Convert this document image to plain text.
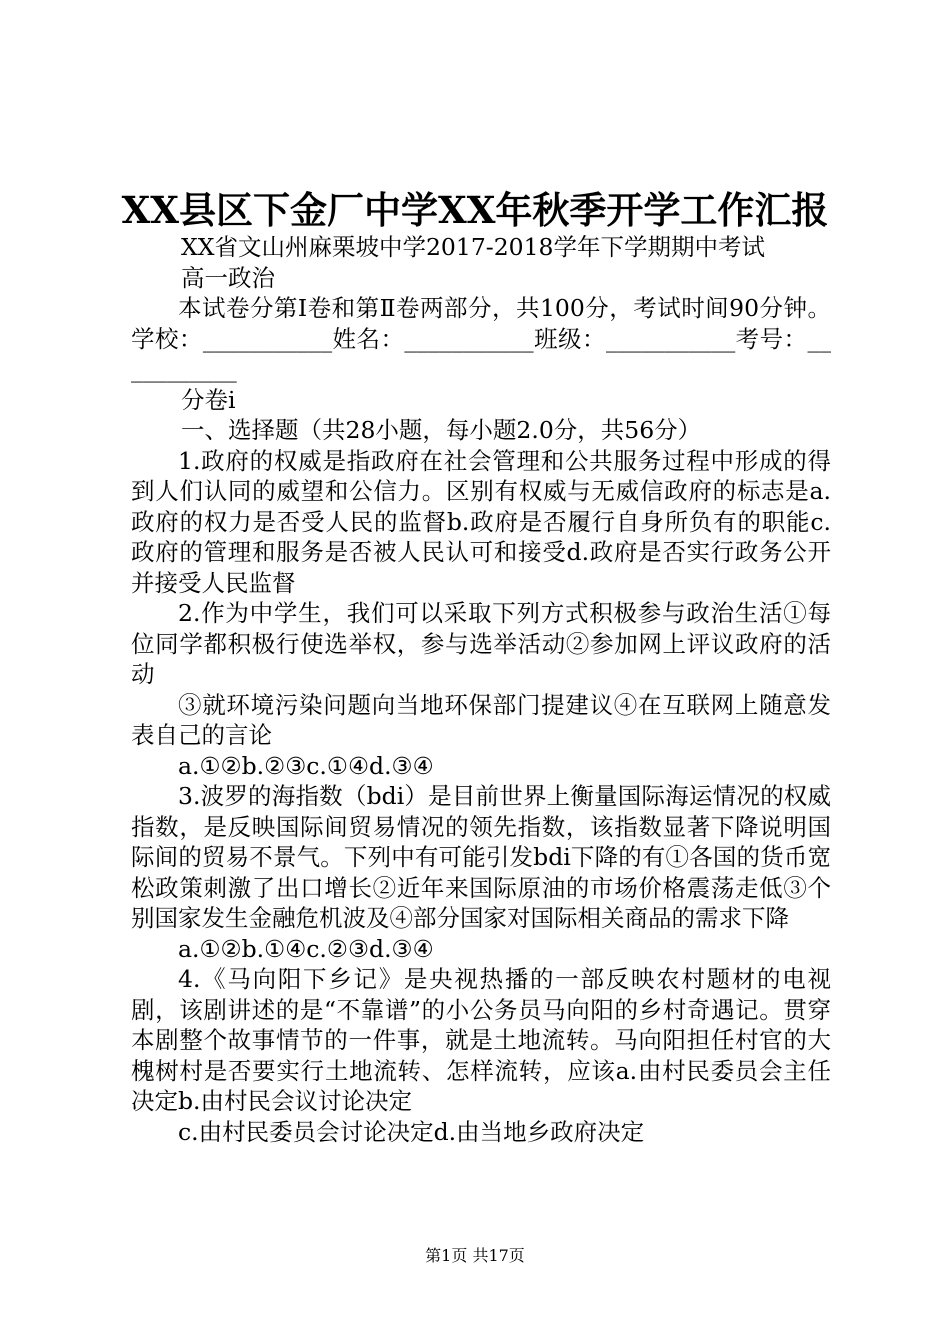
XX县区下金厂中学XX年秋季开学工作汇报

XX省文山州麻栗坡中学2017-2018学年下学期期中考试

高一政治

本试卷分第Ⅰ卷和第Ⅱ卷两部分，共100分，考试时间90分钟。学校：___________姓名：___________班级：___________考号：___________

分卷i

一、选择题（共28小题，每小题2.0分，共56分）

1.政府的权威是指政府在社会管理和公共服务过程中形成的得到人们认同的威望和公信力。区别有权威与无威信政府的标志是a.政府的权力是否受人民的监督b.政府是否履行自身所负有的职能c.政府的管理和服务是否被人民认可和接受d.政府是否实行政务公开并接受人民监督

2.作为中学生，我们可以采取下列方式积极参与政治生活①每位同学都积极行使选举权，参与选举活动②参加网上评议政府的活动

③就环境污染问题向当地环保部门提建议④在互联网上随意发表自己的言论

a.①②b.②③c.①④d.③④

3.波罗的海指数（bdi）是目前世界上衡量国际海运情况的权威指数，是反映国际间贸易情况的领先指数，该指数显著下降说明国际间的贸易不景气。下列中有可能引发bdi下降的有①各国的货币宽松政策刺激了出口增长②近年来国际原油的市场价格震荡走低③个别国家发生金融危机波及④部分国家对国际相关商品的需求下降

a.①②b.①④c.②③d.③④

4.《马向阳下乡记》是央视热播的一部反映农村题材的电视剧，该剧讲述的是“不靠谱”的小公务员马向阳的乡村奇遇记。贯穿本剧整个故事情节的一件事，就是土地流转。马向阳担任村官的大槐树村是否要实行土地流转、怎样流转，应该a.由村民委员会主任决定b.由村民会议讨论决定

c.由村民委员会讨论决定d.由当地乡政府决定

第1页 共17页
